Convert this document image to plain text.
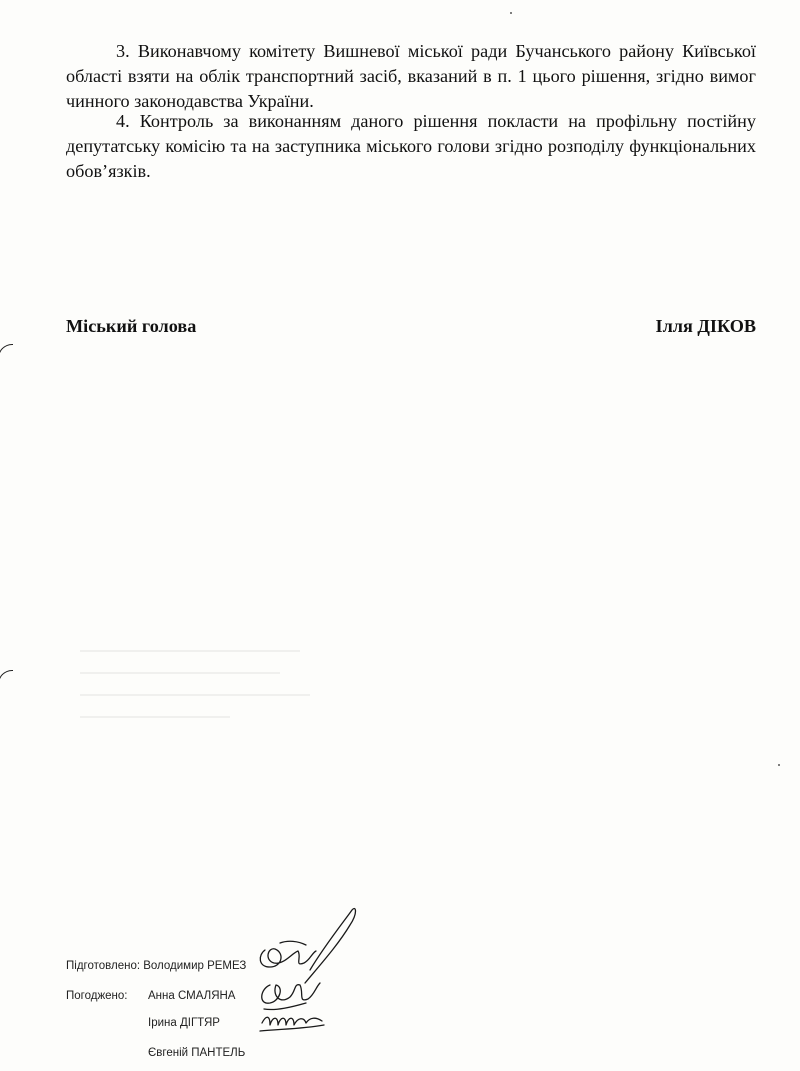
3. Виконавчому комітету Вишневої міської ради Бучанського району Київської області взяти на облік транспортний засіб, вказаний в п. 1 цього рішення, згідно вимог чинного законодавства України.

4. Контроль за виконанням даного рішення покласти на профільну постійну депутатську комісію та на заступника міського голови згідно розподілу функціональних обов’язків.

Міський голова	Ілля ДІКОВ
Підготовлено: Володимир РЕМЕЗ
Погоджено: Анна СМАЛЯНА
Ірина ДІГТЯР
Євгеній ПАНТЕЛЬ
